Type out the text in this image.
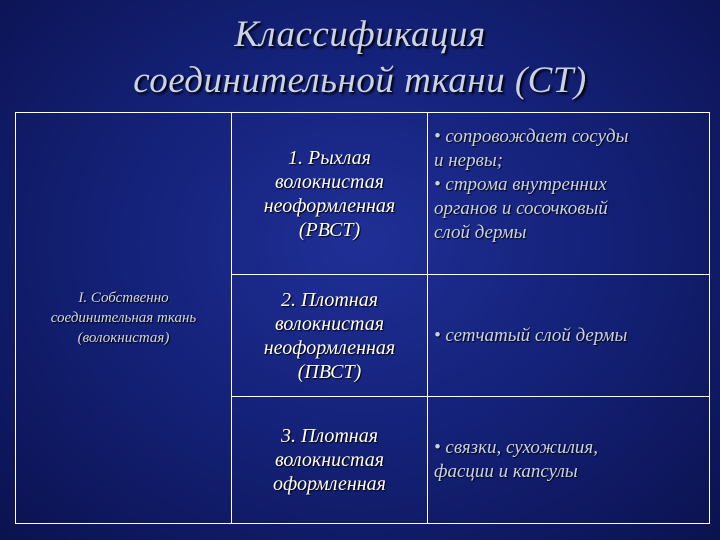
Классификация
соединительной ткани (СТ)
I. Собственно
соединительная ткань
(волокнистая)
1. Рыхлая
волокнистая
неоформленная
(РВСТ)
• сопровождает сосуды
и нервы;
• строма внутренних
органов и сосочковый
слой дермы
2. Плотная
волокнистая
неоформленная
(ПВСТ)
• сетчатый слой дермы
3. Плотная
волокнистая
оформленная
• связки, сухожилия,
фасции и капсулы
